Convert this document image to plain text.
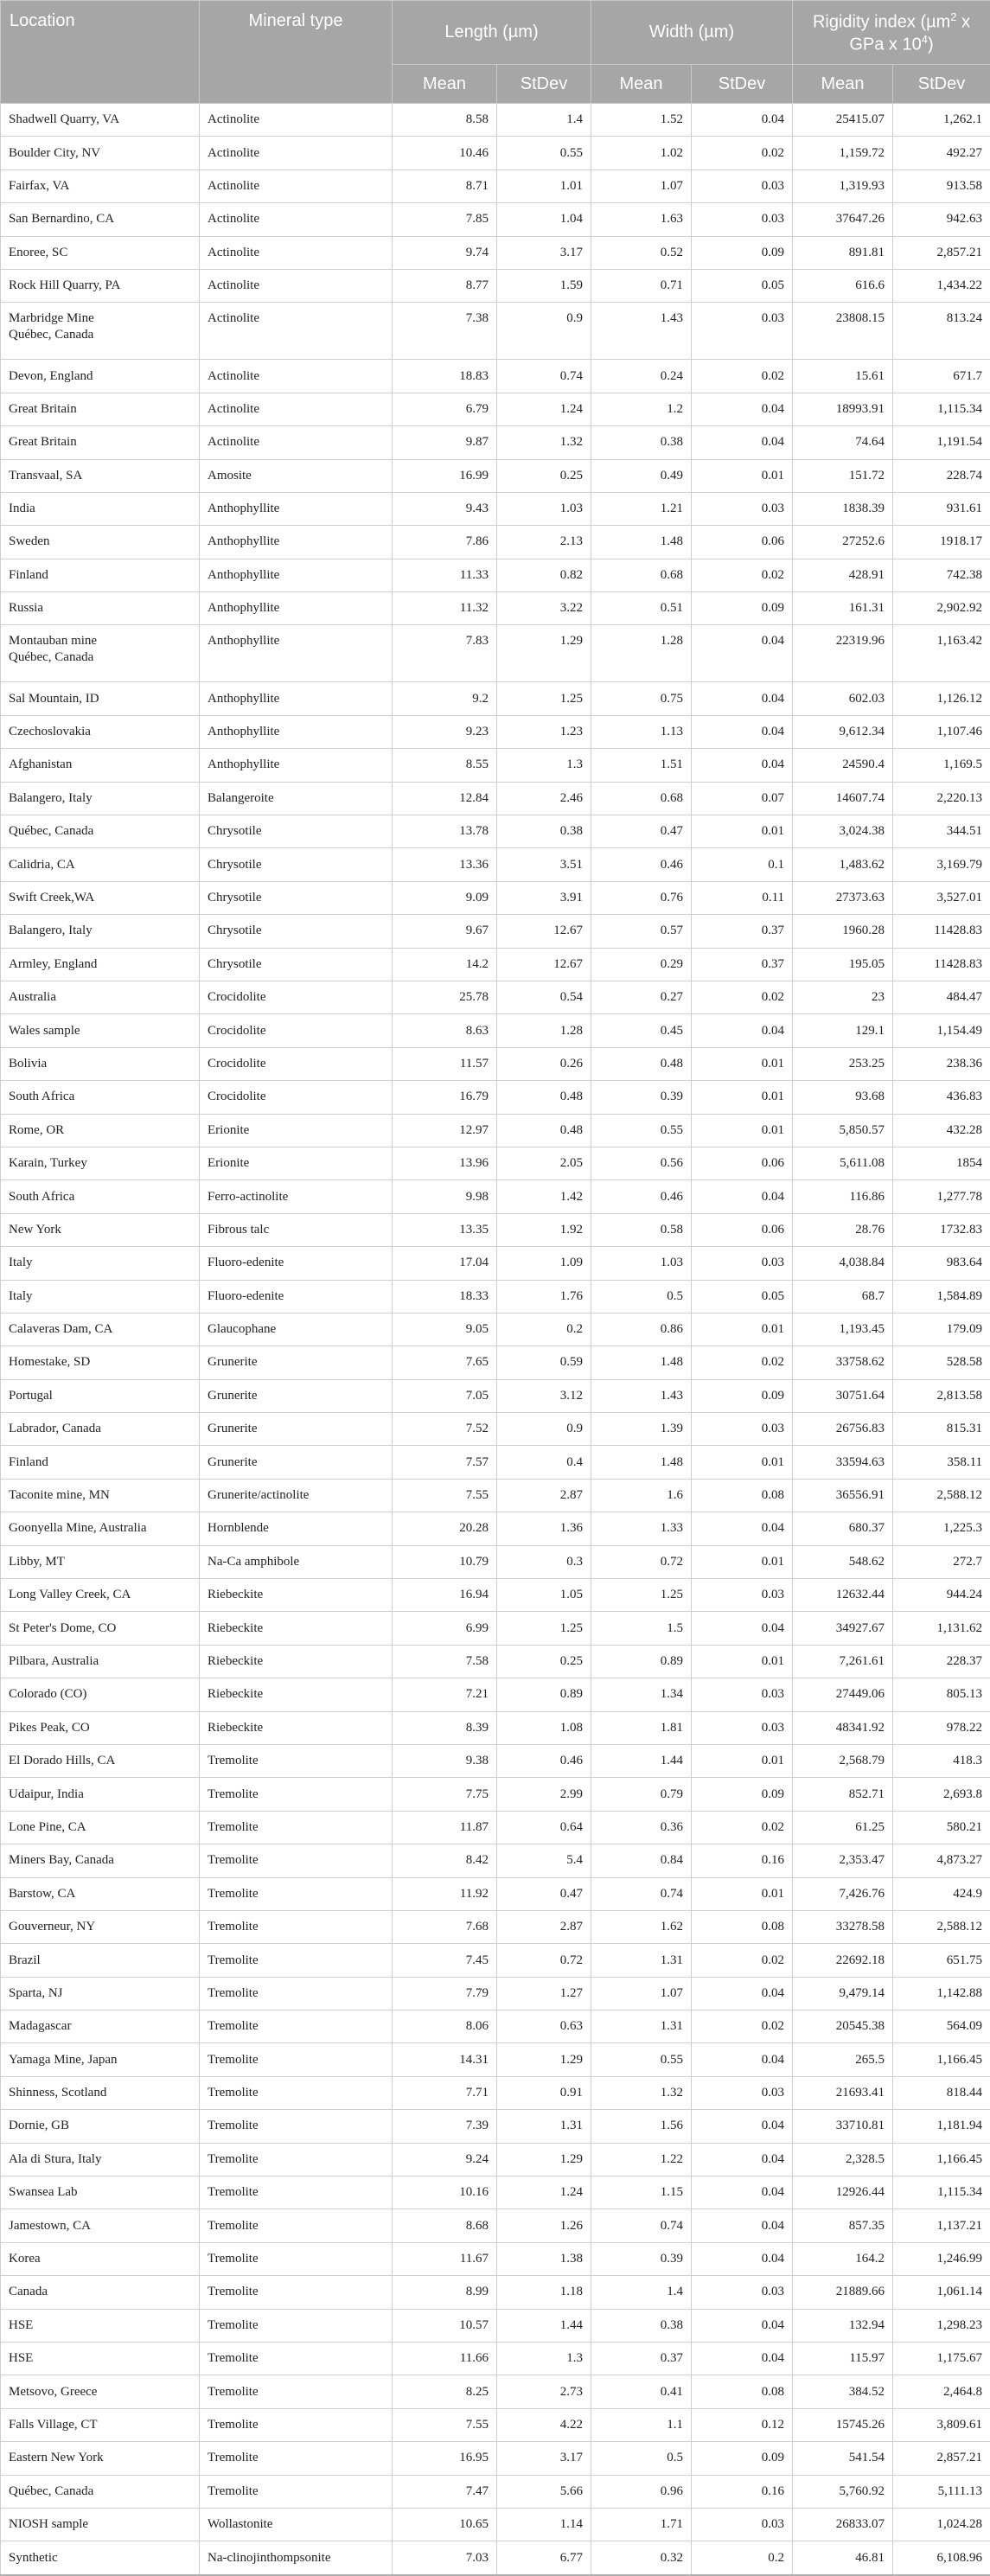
Location	Mineral type	Length (µm)		Width (µm)		Rigidity index (µm$^2$ x GPa x $10^4$)	
		Mean	StDev	Mean	StDev	Mean	StDev
Shadwell Quarry, VA	Actinolite	8.58	1.4	1.52	0.04	25415.07	1,262.1
Boulder City, NV	Actinolite	10.46	0.55	1.02	0.02	1,159.72	492.27
Fairfax, VA	Actinolite	8.71	1.01	1.07	0.03	1,319.93	913.58
San Bernardino, CA	Actinolite	7.85	1.04	1.63	0.03	37647.26	942.63
Enoree, SC	Actinolite	9.74	3.17	0.52	0.09	891.81	2,857.21
Rock Hill Quarry, PA	Actinolite	8.77	1.59	0.71	0.05	616.6	1,434.22
Marbridge Mine
Québec, Canada	Actinolite	7.38	0.9	1.43	0.03	23808.15	813.24
Devon, England	Actinolite	18.83	0.74	0.24	0.02	15.61	671.7
Great Britain	Actinolite	6.79	1.24	1.2	0.04	18993.91	1,115.34
Great Britain	Actinolite	9.87	1.32	0.38	0.04	74.64	1,191.54
Transvaal, SA	Amosite	16.99	0.25	0.49	0.01	151.72	228.74
India	Anthophyllite	9.43	1.03	1.21	0.03	1838.39	931.61
Sweden	Anthophyllite	7.86	2.13	1.48	0.06	27252.6	1918.17
Finland	Anthophyllite	11.33	0.82	0.68	0.02	428.91	742.38
Russia	Anthophyllite	11.32	3.22	0.51	0.09	161.31	2,902.92
Montauban mine
Québec, Canada	Anthophyllite	7.83	1.29	1.28	0.04	22319.96	1,163.42
Sal Mountain, ID	Anthophyllite	9.2	1.25	0.75	0.04	602.03	1,126.12
Czechoslovakia	Anthophyllite	9.23	1.23	1.13	0.04	9,612.34	1,107.46
Afghanistan	Anthophyllite	8.55	1.3	1.51	0.04	24590.4	1,169.5
Balangero, Italy	Balangeroite	12.84	2.46	0.68	0.07	14607.74	2,220.13
Québec, Canada	Chrysotile	13.78	0.38	0.47	0.01	3,024.38	344.51
Calidria, CA	Chrysotile	13.36	3.51	0.46	0.1	1,483.62	3,169.79
Swift Creek,WA	Chrysotile	9.09	3.91	0.76	0.11	27373.63	3,527.01
Balangero, Italy	Chrysotile	9.67	12.67	0.57	0.37	1960.28	11428.83
Armley, England	Chrysotile	14.2	12.67	0.29	0.37	195.05	11428.83
Australia	Crocidolite	25.78	0.54	0.27	0.02	23	484.47
Wales sample	Crocidolite	8.63	1.28	0.45	0.04	129.1	1,154.49
Bolivia	Crocidolite	11.57	0.26	0.48	0.01	253.25	238.36
South Africa	Crocidolite	16.79	0.48	0.39	0.01	93.68	436.83
Rome, OR	Erionite	12.97	0.48	0.55	0.01	5,850.57	432.28
Karain, Turkey	Erionite	13.96	2.05	0.56	0.06	5,611.08	1854
South Africa	Ferro-actinolite	9.98	1.42	0.46	0.04	116.86	1,277.78
New York	Fibrous talc	13.35	1.92	0.58	0.06	28.76	1732.83
Italy	Fluoro-edenite	17.04	1.09	1.03	0.03	4,038.84	983.64
Italy	Fluoro-edenite	18.33	1.76	0.5	0.05	68.7	1,584.89
Calaveras Dam, CA	Glaucophane	9.05	0.2	0.86	0.01	1,193.45	179.09
Homestake, SD	Grunerite	7.65	0.59	1.48	0.02	33758.62	528.58
Portugal	Grunerite	7.05	3.12	1.43	0.09	30751.64	2,813.58
Labrador, Canada	Grunerite	7.52	0.9	1.39	0.03	26756.83	815.31
Finland	Grunerite	7.57	0.4	1.48	0.01	33594.63	358.11
Taconite mine, MN	Grunerite/actinolite	7.55	2.87	1.6	0.08	36556.91	2,588.12
Goonyella Mine, Australia	Hornblende	20.28	1.36	1.33	0.04	680.37	1,225.3
Libby, MT	Na-Ca amphibole	10.79	0.3	0.72	0.01	548.62	272.7
Long Valley Creek, CA	Riebeckite	16.94	1.05	1.25	0.03	12632.44	944.24
St Peter's Dome, CO	Riebeckite	6.99	1.25	1.5	0.04	34927.67	1,131.62
Pilbara, Australia	Riebeckite	7.58	0.25	0.89	0.01	7,261.61	228.37
Colorado (CO)	Riebeckite	7.21	0.89	1.34	0.03	27449.06	805.13
Pikes Peak, CO	Riebeckite	8.39	1.08	1.81	0.03	48341.92	978.22
El Dorado Hills, CA	Tremolite	9.38	0.46	1.44	0.01	2,568.79	418.3
Udaipur, India	Tremolite	7.75	2.99	0.79	0.09	852.71	2,693.8
Lone Pine, CA	Tremolite	11.87	0.64	0.36	0.02	61.25	580.21
Miners Bay, Canada	Tremolite	8.42	5.4	0.84	0.16	2,353.47	4,873.27
Barstow, CA	Tremolite	11.92	0.47	0.74	0.01	7,426.76	424.9
Gouverneur, NY	Tremolite	7.68	2.87	1.62	0.08	33278.58	2,588.12
Brazil	Tremolite	7.45	0.72	1.31	0.02	22692.18	651.75
Sparta, NJ	Tremolite	7.79	1.27	1.07	0.04	9,479.14	1,142.88
Madagascar	Tremolite	8.06	0.63	1.31	0.02	20545.38	564.09
Yamaga Mine, Japan	Tremolite	14.31	1.29	0.55	0.04	265.5	1,166.45
Shinness, Scotland	Tremolite	7.71	0.91	1.32	0.03	21693.41	818.44
Dornie, GB	Tremolite	7.39	1.31	1.56	0.04	33710.81	1,181.94
Ala di Stura, Italy	Tremolite	9.24	1.29	1.22	0.04	2,328.5	1,166.45
Swansea Lab	Tremolite	10.16	1.24	1.15	0.04	12926.44	1,115.34
Jamestown, CA	Tremolite	8.68	1.26	0.74	0.04	857.35	1,137.21
Korea	Tremolite	11.67	1.38	0.39	0.04	164.2	1,246.99
Canada	Tremolite	8.99	1.18	1.4	0.03	21889.66	1,061.14
HSE	Tremolite	10.57	1.44	0.38	0.04	132.94	1,298.23
HSE	Tremolite	11.66	1.3	0.37	0.04	115.97	1,175.67
Metsovo, Greece	Tremolite	8.25	2.73	0.41	0.08	384.52	2,464.8
Falls Village, CT	Tremolite	7.55	4.22	1.1	0.12	15745.26	3,809.61
Eastern New York	Tremolite	16.95	3.17	0.5	0.09	541.54	2,857.21
Québec, Canada	Tremolite	7.47	5.66	0.96	0.16	5,760.92	5,111.13
NIOSH sample	Wollastonite	10.65	1.14	1.71	0.03	26833.07	1,024.28
Synthetic	Na-clinojinthompsonite	7.03	6.77	0.32	0.2	46.81	6,108.96
